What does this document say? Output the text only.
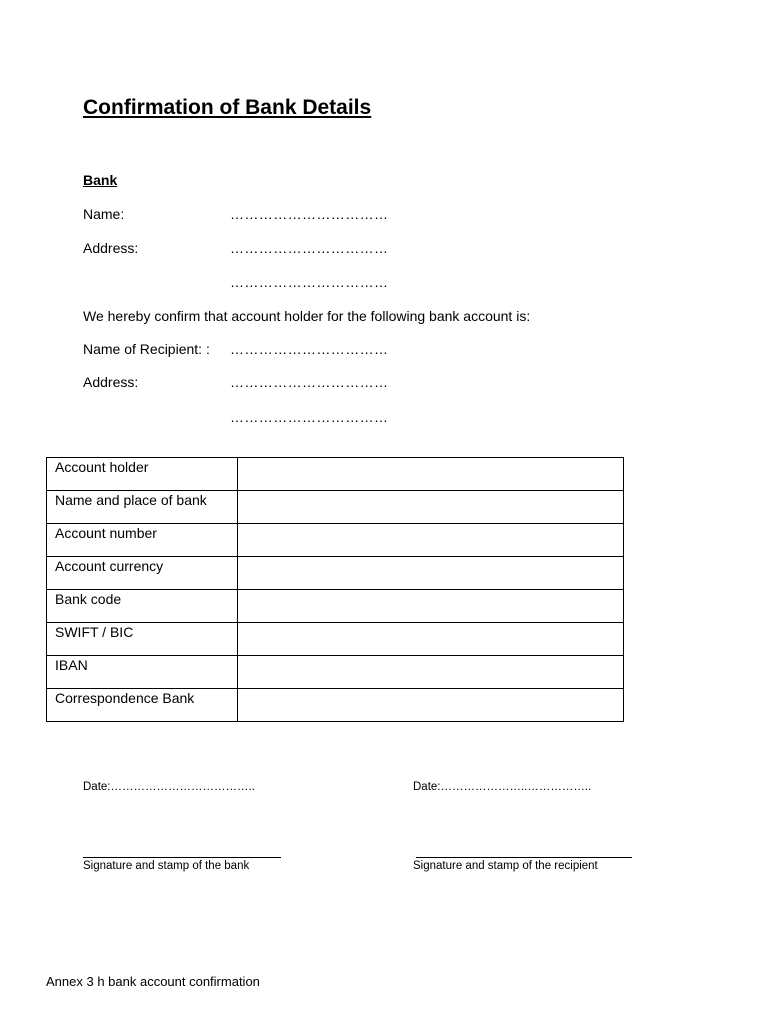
Confirmation of Bank Details
Bank
Name:	……………………………
Address:	……………………………
……………………………
We hereby confirm that account holder for the following bank account is:
Name of Recipient: : ……………………………
Address:	……………………………
……………………………
Account holder	
Name and place of bank	
Account number	
Account currency	
Bank code	
SWIFT / BIC	
IBAN	
Correspondence Bank	
Date:………………………………..	Date:…………………..……………..
Signature and stamp of the bank	Signature and stamp of the recipient
Annex 3 h bank account confirmation
